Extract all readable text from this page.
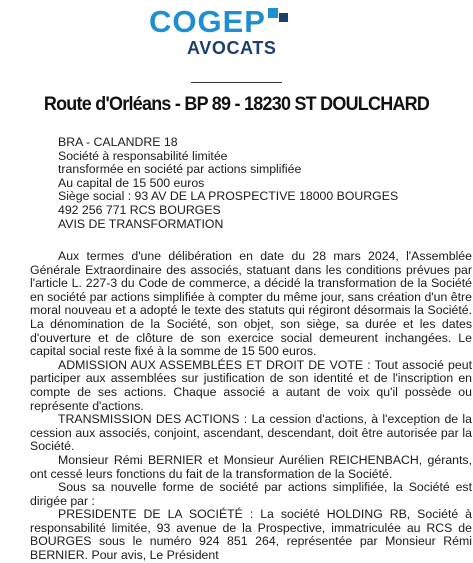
COGEP
AVOCATS
Route d'Orléans - BP 89 - 18230 ST DOULCHARD
BRA - CALANDRE 18
Société à responsabilité limitée
transformée en société par actions simplifiée
Au capital de 15 500 euros
Siège social : 93 AV DE LA PROSPECTIVE 18000 BOURGES
492 256 771 RCS BOURGES
AVIS DE TRANSFORMATION

Aux termes d'une délibération en date du 28 mars 2024, l'Assemblée Générale Extraordinaire des associés, statuant dans les conditions prévues par l'article L. 227-3 du Code de commerce, a décidé la transformation de la Société en société par actions simplifiée à compter du même jour, sans création d'un être moral nouveau et a adopté le texte des statuts qui régiront désormais la Société. La dénomination de la Société, son objet, son siège, sa durée et les dates d'ouverture et de clôture de son exercice social demeurent inchangées. Le capital social reste fixé à la somme de 15 500 euros.

ADMISSION AUX ASSEMBLÉES ET DROIT DE VOTE : Tout associé peut participer aux assemblées sur justification de son identité et de l'inscription en compte de ses actions. Chaque associé a autant de voix qu'il possède ou représente d'actions.

TRANSMISSION DES ACTIONS : La cession d'actions, à l'exception de la cession aux associés, conjoint, ascendant, descendant, doit être autorisée par la Société.

Monsieur Rémi BERNIER et Monsieur Aurélien REICHENBACH, gérants, ont cessé leurs fonctions du fait de la transformation de la Société.

Sous sa nouvelle forme de société par actions simplifiée, la Société est dirigée par :

PRESIDENTE DE LA SOCIÉTÉ : La société HOLDING RB, Société à responsabilité limitée, 93 avenue de la Prospective, immatriculée au RCS de BOURGES sous le numéro 924 851 264, représentée par Monsieur Rémi BERNIER. Pour avis, Le Président
